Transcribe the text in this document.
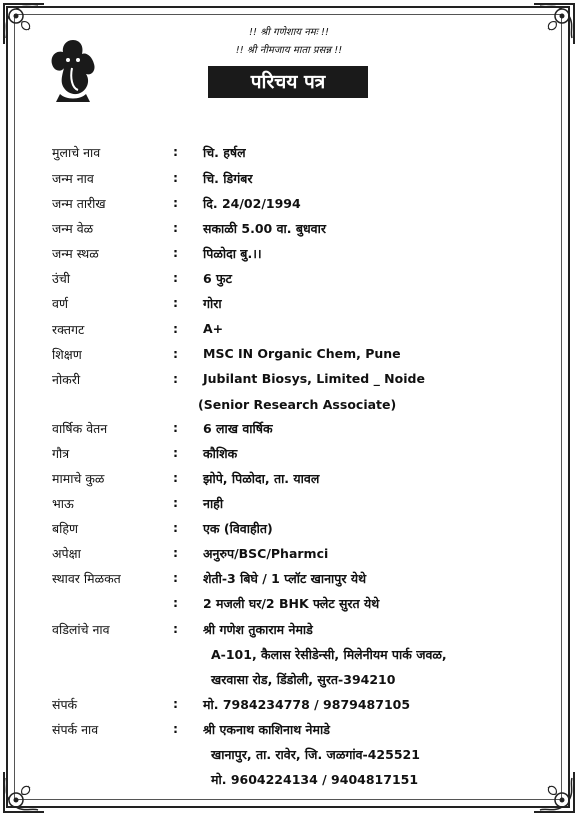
!! श्री गणेशाय नमः !!
!! श्री नीमजाय माता प्रसन्न !!
परिचय पत्र
मुलाचे नाव	: चि. हर्षल
जन्म नाव	: चि. डिगंबर
जन्म तारीख	: दि. 24/02/1994
जन्म वेळ	: सकाळी 5.00 वा. बुधवार
जन्म स्थळ	: पिळोदा बु.।।
उंची	: 6 फुट
वर्ण	: गोरा
रक्तगट	: A+
शिक्षण	: MSC IN Organic Chem, Pune
नोकरी	: Jubilant Biosys, Limited _ Noide
(Senior Research Associate)
वार्षिक वेतन	: 6 लाख वार्षिक
गौत्र	: कौशिक
मामाचे कुळ	: झोपे, पिळोदा, ता. यावल
भाऊ	: नाही
बहिण	: एक (विवाहीत)
अपेक्षा	: अनुरुप/BSC/Pharmci
स्थावर मिळकत	: शेती-3 बिघे / 1 प्लॉट खानापुर येथे
: 2 मजली घर/2 BHK फ्लेट सुरत येथे
वडिलांचे नाव	: श्री गणेश तुकाराम नेमाडे
A-101, कैलास रेसीडेन्सी, मिलेनीयम पार्क जवळ,
खरवासा रोड, डिंडोली, सुरत-394210
संपर्क	: मो. 7984234778 / 9879487105
संपर्क नाव	: श्री एकनाथ काशिनाथ नेमाडे
खानापुर, ता. रावेर, जि. जळगांव-425521
मो. 9604224134 / 9404817151
